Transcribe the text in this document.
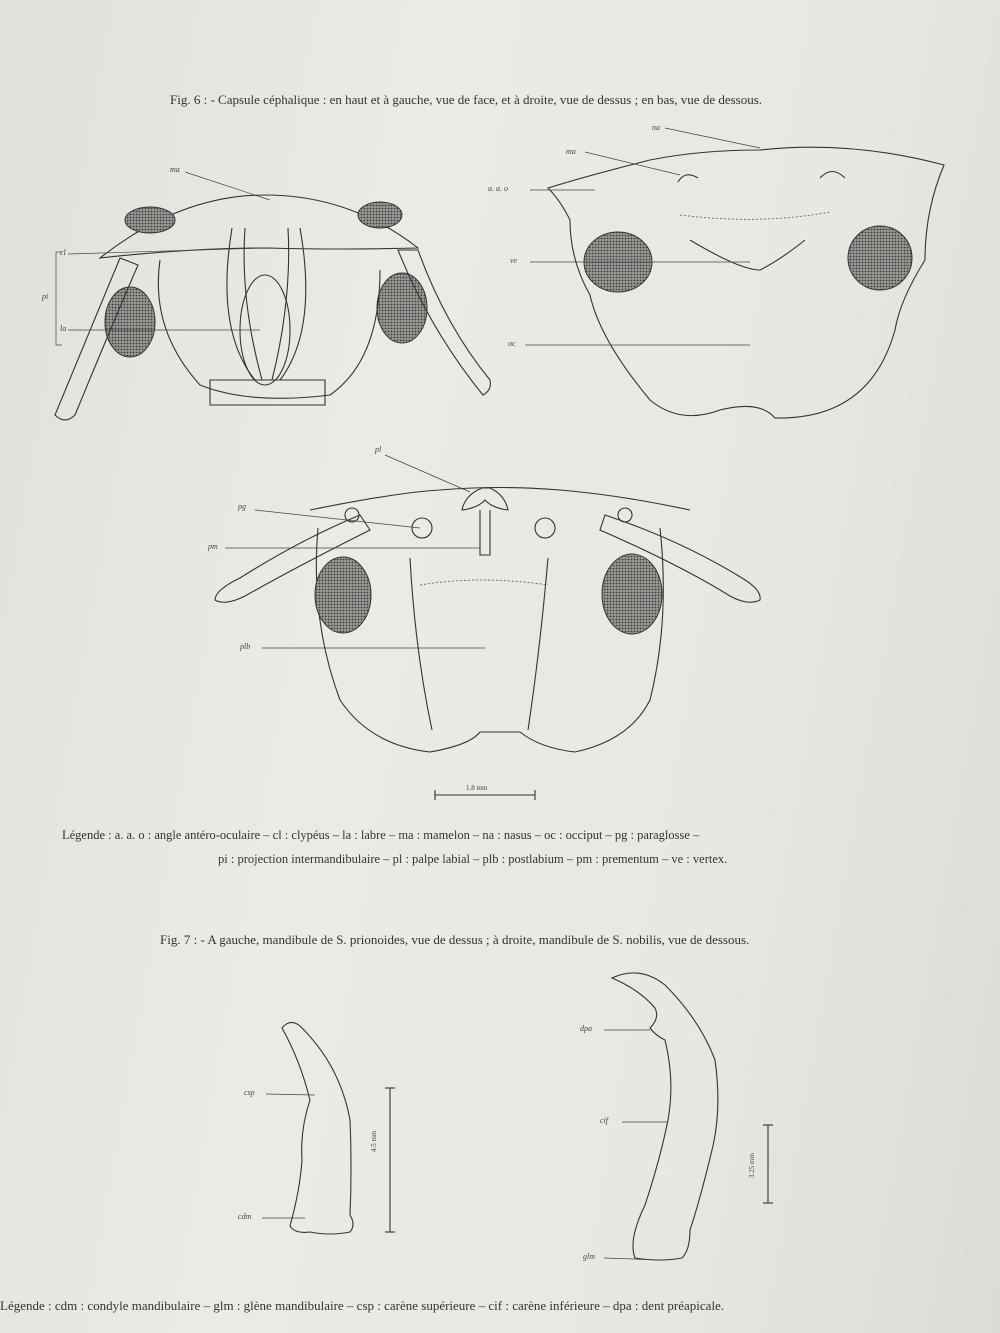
Fig. 6 : - Capsule céphalique : en haut et à gauche, vue de face, et à droite, vue de dessus ; en bas, vue de dessous.
ma
cl
pi
la
a. a. o
ma
na
ve
oc
pl
pg
pm
plb
1.8 mm
Légende : a. a. o : angle antéro-oculaire – cl : clypéus – la : labre – ma : mamelon – na : nasus – oc : occiput – pg : paraglosse –
pi : projection intermandibulaire – pl : palpe labial – plb : postlabium – pm : prementum – ve : vertex.
Fig. 7 : - A gauche, mandibule de S. prionoides, vue de dessus ; à droite, mandibule de S. nobilis, vue de dessous.
csp
cdm
dpa
cif
glm
4.5 mm
3.25 mm
Légende : cdm : condyle mandibulaire – glm : glène mandibulaire – csp : carène supérieure – cif : carène inférieure – dpa : dent préapicale.
